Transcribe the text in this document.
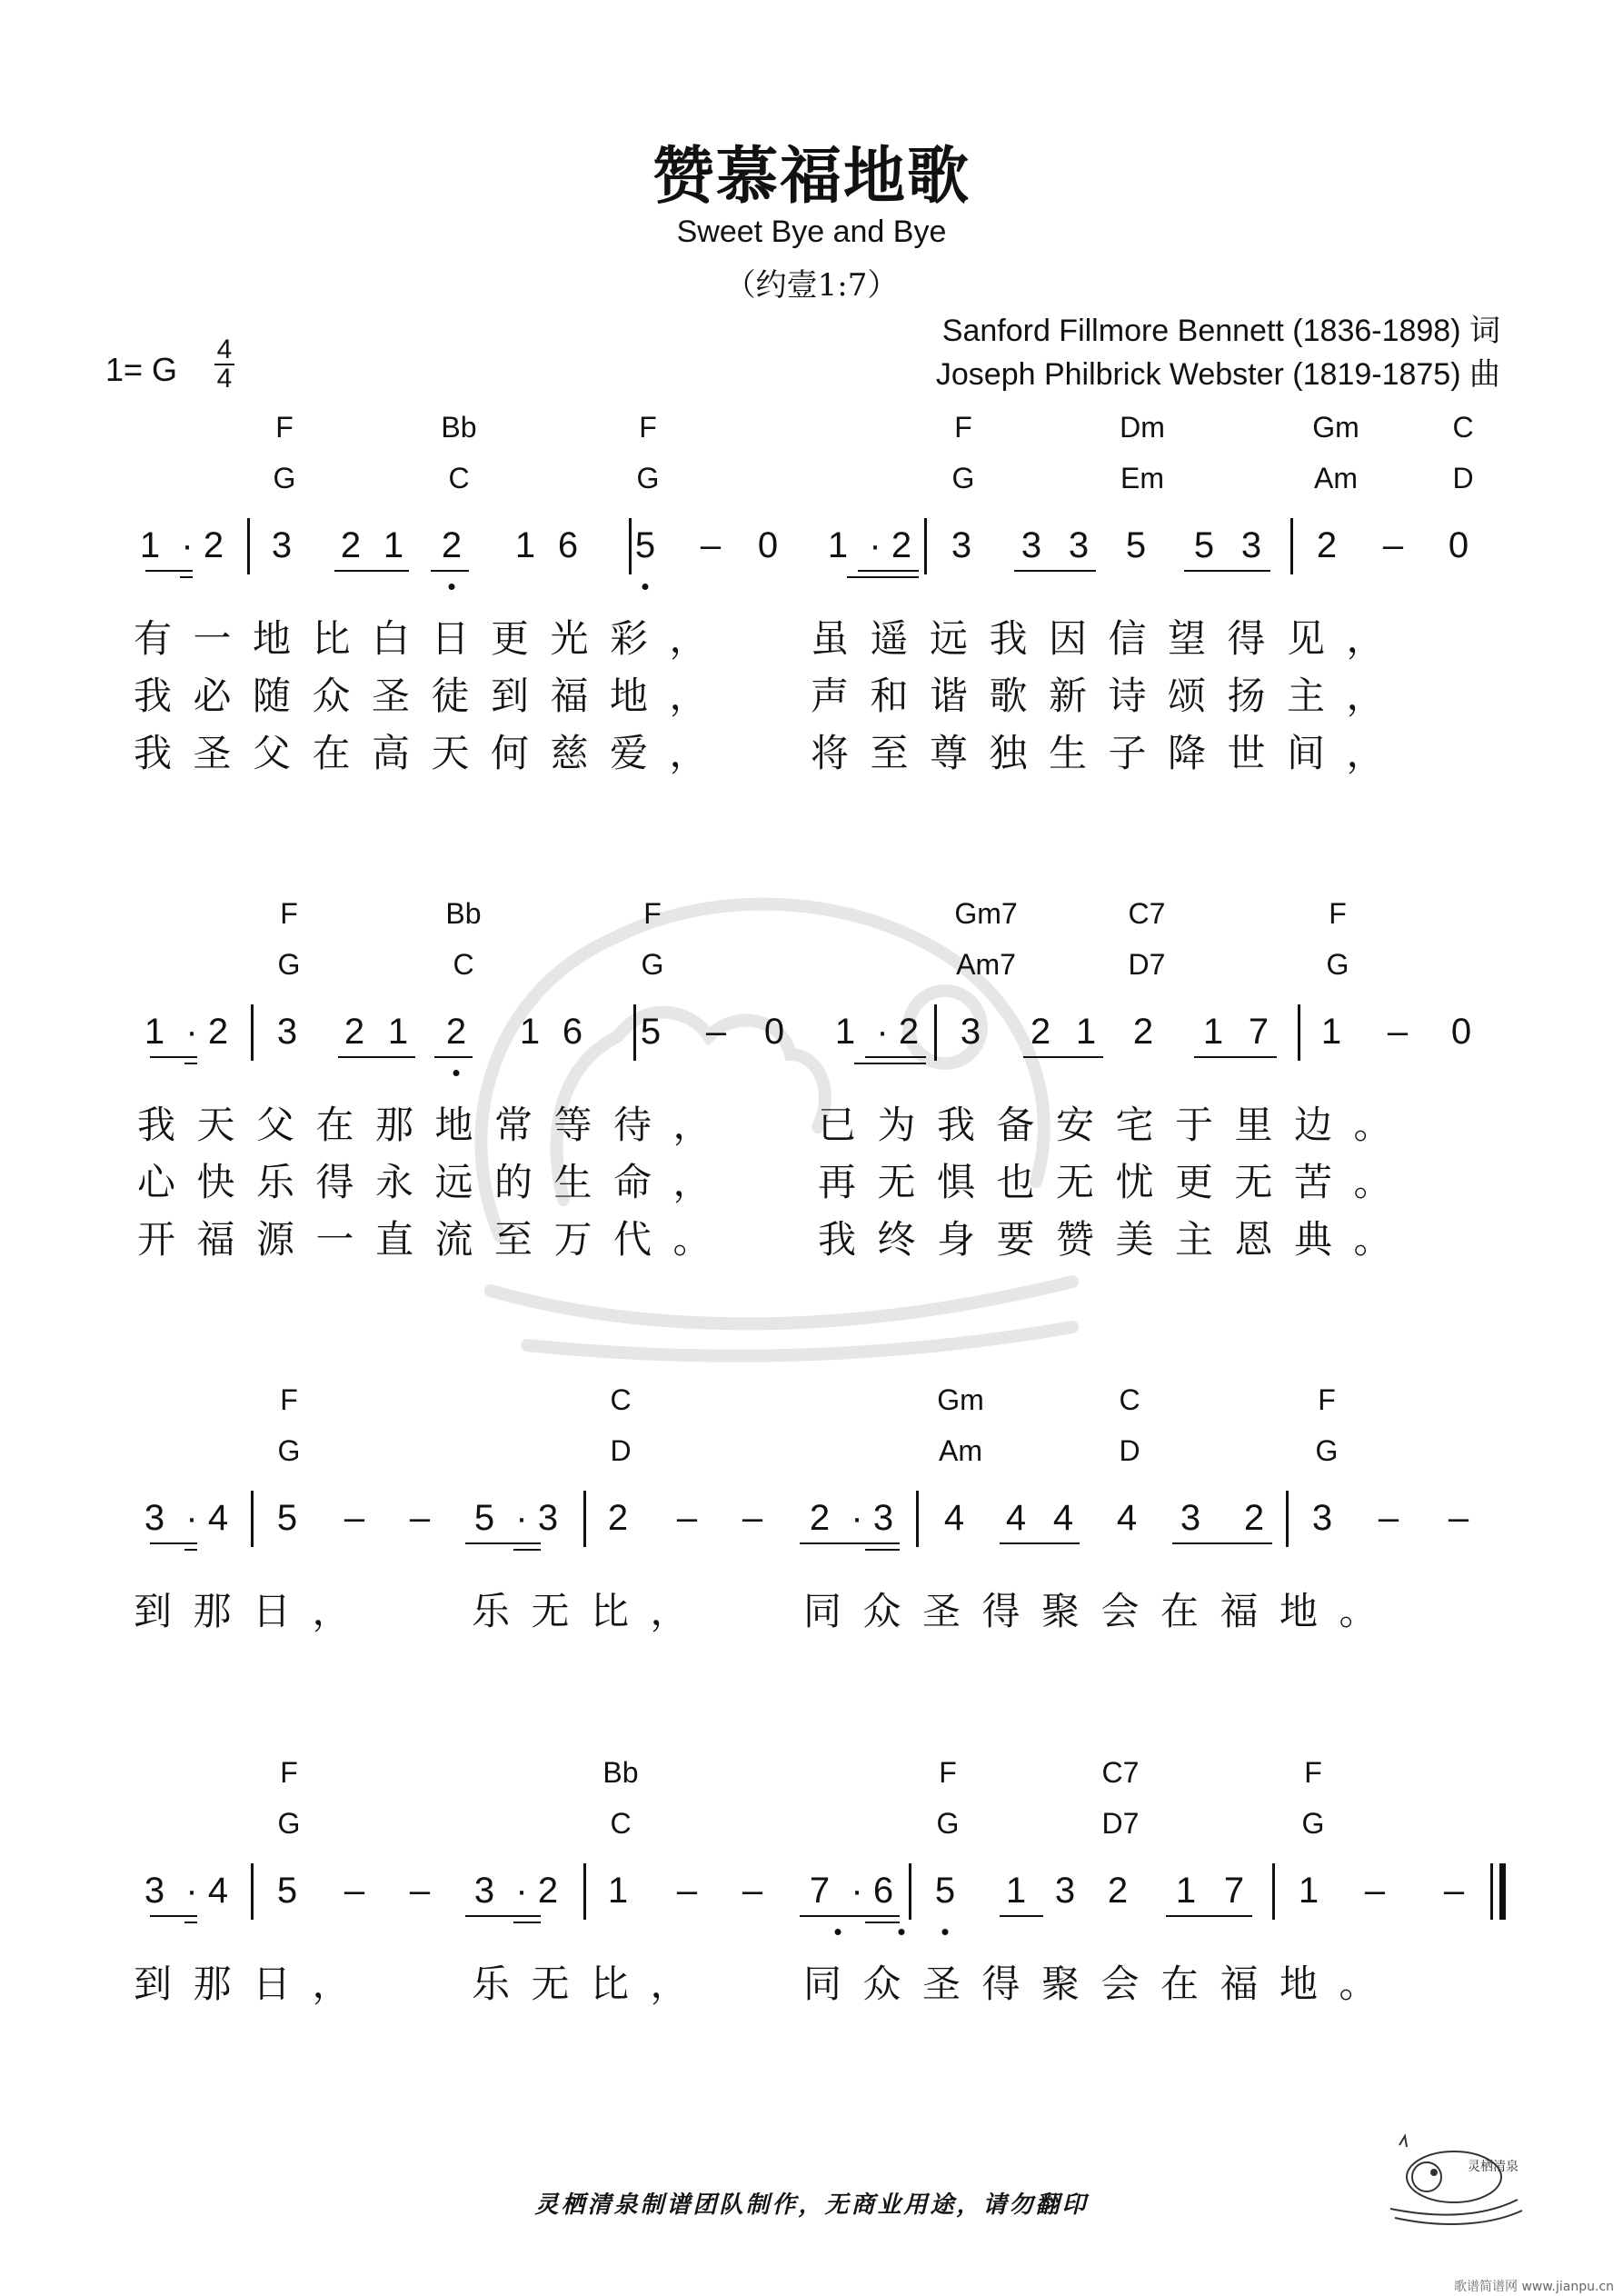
赞慕福地歌
Sweet Bye and Bye
（约壹1:7）
Sanford Fillmore Bennett (1836-1898) 词
Joseph Philbrick Webster (1819-1875) 曲
1= G
4
4
F	Bb	F	F	Dm	Gm	C
G	C	G	G	Em	Am	D
1 · 2 3 2 1 2 1 6 5 – 0 1 · 2 3 3 3 5 5 3 2 – 0
有 一 地 比 白 日 更 光 彩 ，	虽 遥 远 我 因 信 望 得 见 ，
我 必 随 众 圣 徒 到 福 地 ，	声 和 谐 歌 新 诗 颂 扬 主 ，
我 圣 父 在 高 天 何 慈 爱 ，	将 至 尊 独 生 子 降 世 间 ，
F	Bb	F	Gm7	C7	F
G	C	G	Am7	D7	G
1 · 2 3 2 1 2 1 6 5 – 0 1 · 2 3 2 1 2 1 7 1 – 0
我 天 父 在 那 地 常 等 待 ，	已 为 我 备 安 宅 于 里 边 。
心 快 乐 得 永 远 的 生 命 ，	再 无 惧 也 无 忧 更 无 苦 。
开 福 源 一 直 流 至 万 代 。	我 终 身 要 赞 美 主 恩 典 。
F	C	Gm	C	F
G	D	Am	D	G
3 · 4 5 – – 5 · 3 2 – – 2 · 3 4 4 4 4 3 2 3 – –
到 那 日 ，	乐 无 比 ，	同 众 圣 得 聚 会 在 福 地 。
F	Bb	F	C7	F
G	C	G	D7	G
3 · 4 5 – – 3 · 2 1 – – 7 · 6 5 1 3 2 1 7 1 – –
到 那 日 ，	乐 无 比 ，	同 众 圣 得 聚 会 在 福 地 。
灵栖清泉制谱团队制作，无商业用途，请勿翻印
灵栖清泉
歌谱简谱网 www.jianpu.cn
